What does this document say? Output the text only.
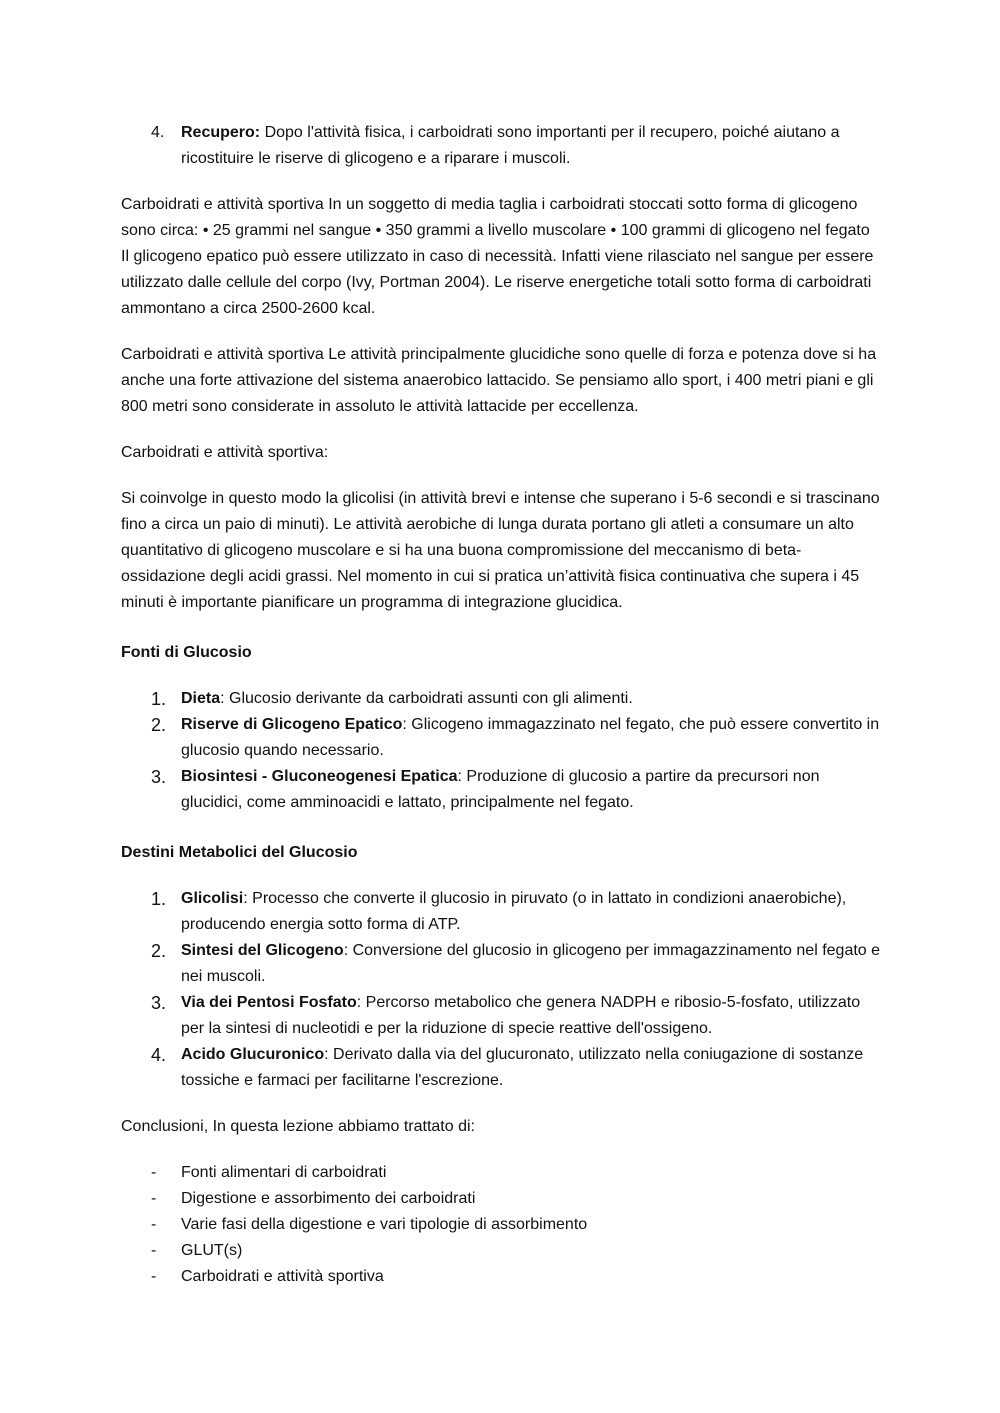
4.	Recupero: Dopo l'attività fisica, i carboidrati sono importanti per il recupero, poiché aiutano a ricostituire le riserve di glicogeno e a riparare i muscoli.

Carboidrati e attività sportiva In un soggetto di media taglia i carboidrati stoccati sotto forma di glicogeno sono circa: • 25 grammi nel sangue • 350 grammi a livello muscolare • 100 grammi di glicogeno nel fegato Il glicogeno epatico può essere utilizzato in caso di necessità. Infatti viene rilasciato nel sangue per essere utilizzato dalle cellule del corpo (Ivy, Portman 2004). Le riserve energetiche totali sotto forma di carboidrati ammontano a circa 2500-2600 kcal.

Carboidrati e attività sportiva Le attività principalmente glucidiche sono quelle di forza e potenza dove si ha anche una forte attivazione del sistema anaerobico lattacido. Se pensiamo allo sport, i 400 metri piani e gli 800 metri sono considerate in assoluto le attività lattacide per eccellenza.

Carboidrati e attività sportiva:

Si coinvolge in questo modo la glicolisi (in attività brevi e intense che superano i 5-6 secondi e si trascinano fino a circa un paio di minuti). Le attività aerobiche di lunga durata portano gli atleti a consumare un alto quantitativo di glicogeno muscolare e si ha una buona compromissione del meccanismo di beta-ossidazione degli acidi grassi. Nel momento in cui si pratica un’attività fisica continuativa che supera i 45 minuti è importante pianificare un programma di integrazione glucidica.

Fonti di Glucosio

1. Dieta: Glucosio derivante da carboidrati assunti con gli alimenti.
2. Riserve di Glicogeno Epatico: Glicogeno immagazzinato nel fegato, che può essere convertito in glucosio quando necessario.
3. Biosintesi - Gluconeogenesi Epatica: Produzione di glucosio a partire da precursori non glucidici, come amminoacidi e lattato, principalmente nel fegato.

Destini Metabolici del Glucosio

1. Glicolisi: Processo che converte il glucosio in piruvato (o in lattato in condizioni anaerobiche), producendo energia sotto forma di ATP.
2. Sintesi del Glicogeno: Conversione del glucosio in glicogeno per immagazzinamento nel fegato e nei muscoli.
3. Via dei Pentosi Fosfato: Percorso metabolico che genera NADPH e ribosio-5-fosfato, utilizzato per la sintesi di nucleotidi e per la riduzione di specie reattive dell'ossigeno.
4. Acido Glucuronico: Derivato dalla via del glucuronato, utilizzato nella coniugazione di sostanze tossiche e farmaci per facilitarne l'escrezione.

Conclusioni, In questa lezione abbiamo trattato di:

- Fonti alimentari di carboidrati
- Digestione e assorbimento dei carboidrati
- Varie fasi della digestione e vari tipologie di assorbimento
- GLUT(s)
- Carboidrati e attività sportiva
